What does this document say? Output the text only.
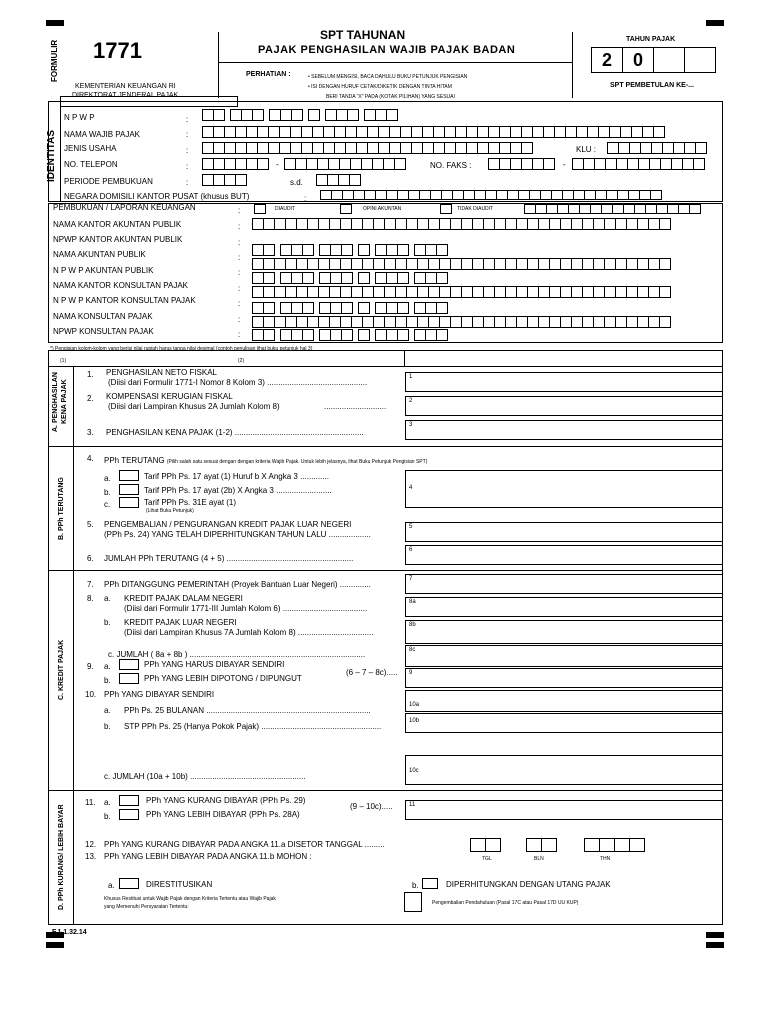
FORMULIR 1771
KEMENTERIAN KEUANGAN RI
DIREKTORAT JENDERAL PAJAK
SPT TAHUNAN
PAJAK PENGHASILAN WAJIB PAJAK BADAN
PERHATIAN :	• SEBELUM MENGISI, BACA DAHULU BUKU PETUNJUK PENGISIAN
• ISI DENGAN HURUF CETAK/DIKETIK DENGAN TINTA HITAM
BERI TANDA "X" PADA (KOTAK PILIHAN) YANG SESUAI
TAHUN PAJAK
2	0
SPT PEMBETULAN KE-...
IDENTITAS
N P W P	:
NAMA WAJIB PAJAK	:
JENIS USAHA	:	KLU :
NO. TELEPON	:	-	NO. FAKS :	-
PERIODE PEMBUKUAN	:	s.d.
NEGARA DOMISILI KANTOR PUSAT (khusus BUT)	:
PEMBUKUAN / LAPORAN KEUANGAN	:	DIAUDIT	OPINI AKUNTAN	TIDAK DIAUDIT
NAMA KANTOR AKUNTAN PUBLIK	:
NPWP KANTOR AKUNTAN PUBLIK	:
NAMA AKUNTAN PUBLIK	:
N P W P AKUNTAN PUBLIK	:
NAMA KANTOR KONSULTAN PAJAK	:
N P W P KANTOR KONSULTAN PAJAK	:
NAMA KONSULTAN PAJAK	:
NPWP KONSULTAN PAJAK	:
*) Pengisian kolom-kolom yang berisi nilai rupiah harus tanpa nilai desimal (contoh penulisan lihat buku petunjuk hal 3)
(1)	(2)
A. PENGHASILAN KENA PAJAK
1. PENGHASILAN NETO FISKAL
(Diisi dari Formulir 1771-I Nomor 8 Kolom 3) .............................................
1
2. KOMPENSASI KERUGIAN FISKAL
(Diisi dari Lampiran Khusus 2A Jumlah Kolom 8)	............................
2
3. PENGHASILAN KENA PAJAK (1-2) ..........................................................
3
B. PPh TERUTANG
4. PPh TERUTANG (Pilih salah satu sesuai dengan dengan kriteria Wajib Pajak. Untuk lebih jelasnya, lihat Buku Petunjuk Pengisian SPT)
a.	Tarif PPh Ps. 17 ayat (1) Huruf b X Angka 3 .............
b.	Tarif PPh Ps. 17 ayat (2b) X Angka 3 .........................
c.	Tarif PPh Ps. 31E ayat (1)
(Lihat Buku Petunjuk)
4
5. PENGEMBALIAN / PENGURANGAN KREDIT PAJAK LUAR NEGERI
(PPh Ps. 24) YANG TELAH DIPERHITUNGKAN TAHUN LALU ...................
5
6. JUMLAH PPh TERUTANG (4 + 5) .........................................................
6
C. KREDIT PAJAK
7. PPh DITANGGUNG PEMERINTAH (Proyek Bantuan Luar Negeri) ..............
7
8. a. KREDIT PAJAK DALAM NEGERI
(Diisi dari Formulir 1771-III Jumlah Kolom 6) ......................................
8a
b. KREDIT PAJAK LUAR NEGERI
(Diisi dari Lampiran Khusus 7A Jumlah Kolom 8) ..................................
8b
c. JUMLAH ( 8a + 8b ) ...............................................................................	8c
9. a.	PPh YANG HARUS DIBAYAR SENDIRI
b.	PPh YANG LEBIH DIPOTONG / DIPUNGUT
(6 – 7 – 8c)..... 9
10. PPh YANG DIBAYAR SENDIRI
a. PPh Ps. 25 BULANAN ..........................................................................
10a
b. STP PPh Ps. 25 (Hanya Pokok Pajak) ......................................................
10b
c. JUMLAH (10a + 10b) ....................................................
10c
D. PPh KURANG/ LEBIH BAYAR
11. a.	PPh YANG KURANG DIBAYAR (PPh Ps. 29)
b.	PPh YANG LEBIH DIBAYAR (PPh Ps. 28A)
(9 – 10c).....	11
12. PPh YANG KURANG DIBAYAR PADA ANGKA 11.a DISETOR TANGGAL .........
13. PPh YANG LEBIH DIBAYAR PADA ANGKA 11.b MOHON :	TGL	BLN	THN
a.	DIRESTITUSIKAN	b.	DIPERHITUNGKAN DENGAN UTANG PAJAK
Khusus Restitusi untuk Wajib Pajak dengan Kriteria Tertentu atau Wajib Pajak
yang Memenuhi Persyaratan Tertentu:
Pengembalian Pendahuluan (Pasal 17C atau Pasal 17D UU KUP)
F.1.1.32.14
